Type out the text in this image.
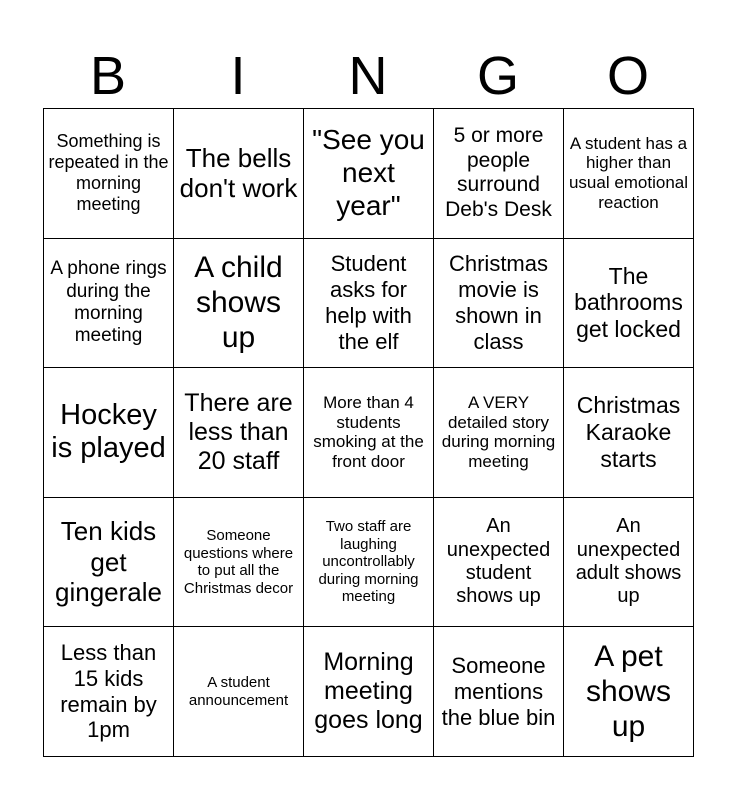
B	I	N	G	O
Something is repeated in the morning meeting	The bells don't work	"See you next year"	5 or more people surround Deb's Desk	A student has a higher than usual emotional reaction
A phone rings during the morning meeting	A child shows up	Student asks for help with the elf	Christmas movie is shown in class	The bathrooms get locked
Hockey is played	There are less than 20 staff	More than 4 students smoking at the front door	A VERY detailed story during morning meeting	Christmas Karaoke starts
Ten kids get gingerale	Someone questions where to put all the Christmas decor	Two staff are laughing uncontrollably during morning meeting	An unexpected student shows up	An unexpected adult shows up
Less than 15 kids remain by 1pm	A student announcement	Morning meeting goes long	Someone mentions the blue bin	A pet shows up
